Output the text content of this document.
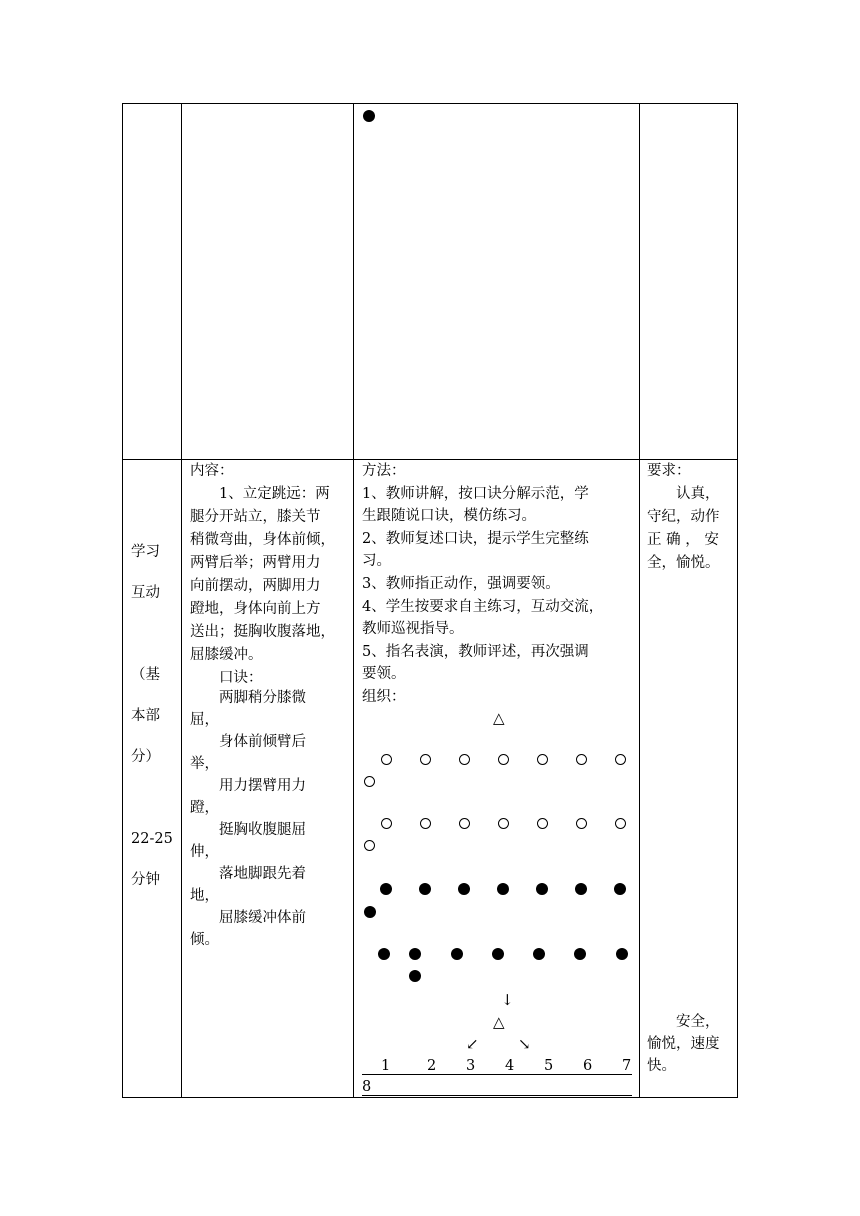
学习
互动
（基
本部
分）
22-25
分钟
内容：
　　1、立定跳远：两
腿分开站立，膝关节
稍微弯曲，身体前倾，
两臂后举；两臂用力
向前摆动，两脚用力
蹬地，身体向前上方
送出；挺胸收腹落地，
屈膝缓冲。
　　口诀：
　　两脚稍分膝微
屈，
　　身体前倾臂后
举，
　　用力摆臂用力
蹬，
　　挺胸收腹腿屈
伸，
　　落地脚跟先着
地，
　　屈膝缓冲体前
倾。
方法：
1、教师讲解，按口诀分解示范，学
生跟随说口诀，模仿练习。
2、教师复述口诀，提示学生完整练
习。
3、教师指正动作，强调要领。
4、学生按要求自主练习，互动交流，
教师巡视指导。
5、指名表演，教师评述，再次强调
要领。
组织：
要求：
　　认真，
守纪，动作
正 确 ， 安
全，愉悦。
　　安全，
愉悦，速度
快。
△
↓
△
↙	↘
1	2 3 4 5 6 7
8
